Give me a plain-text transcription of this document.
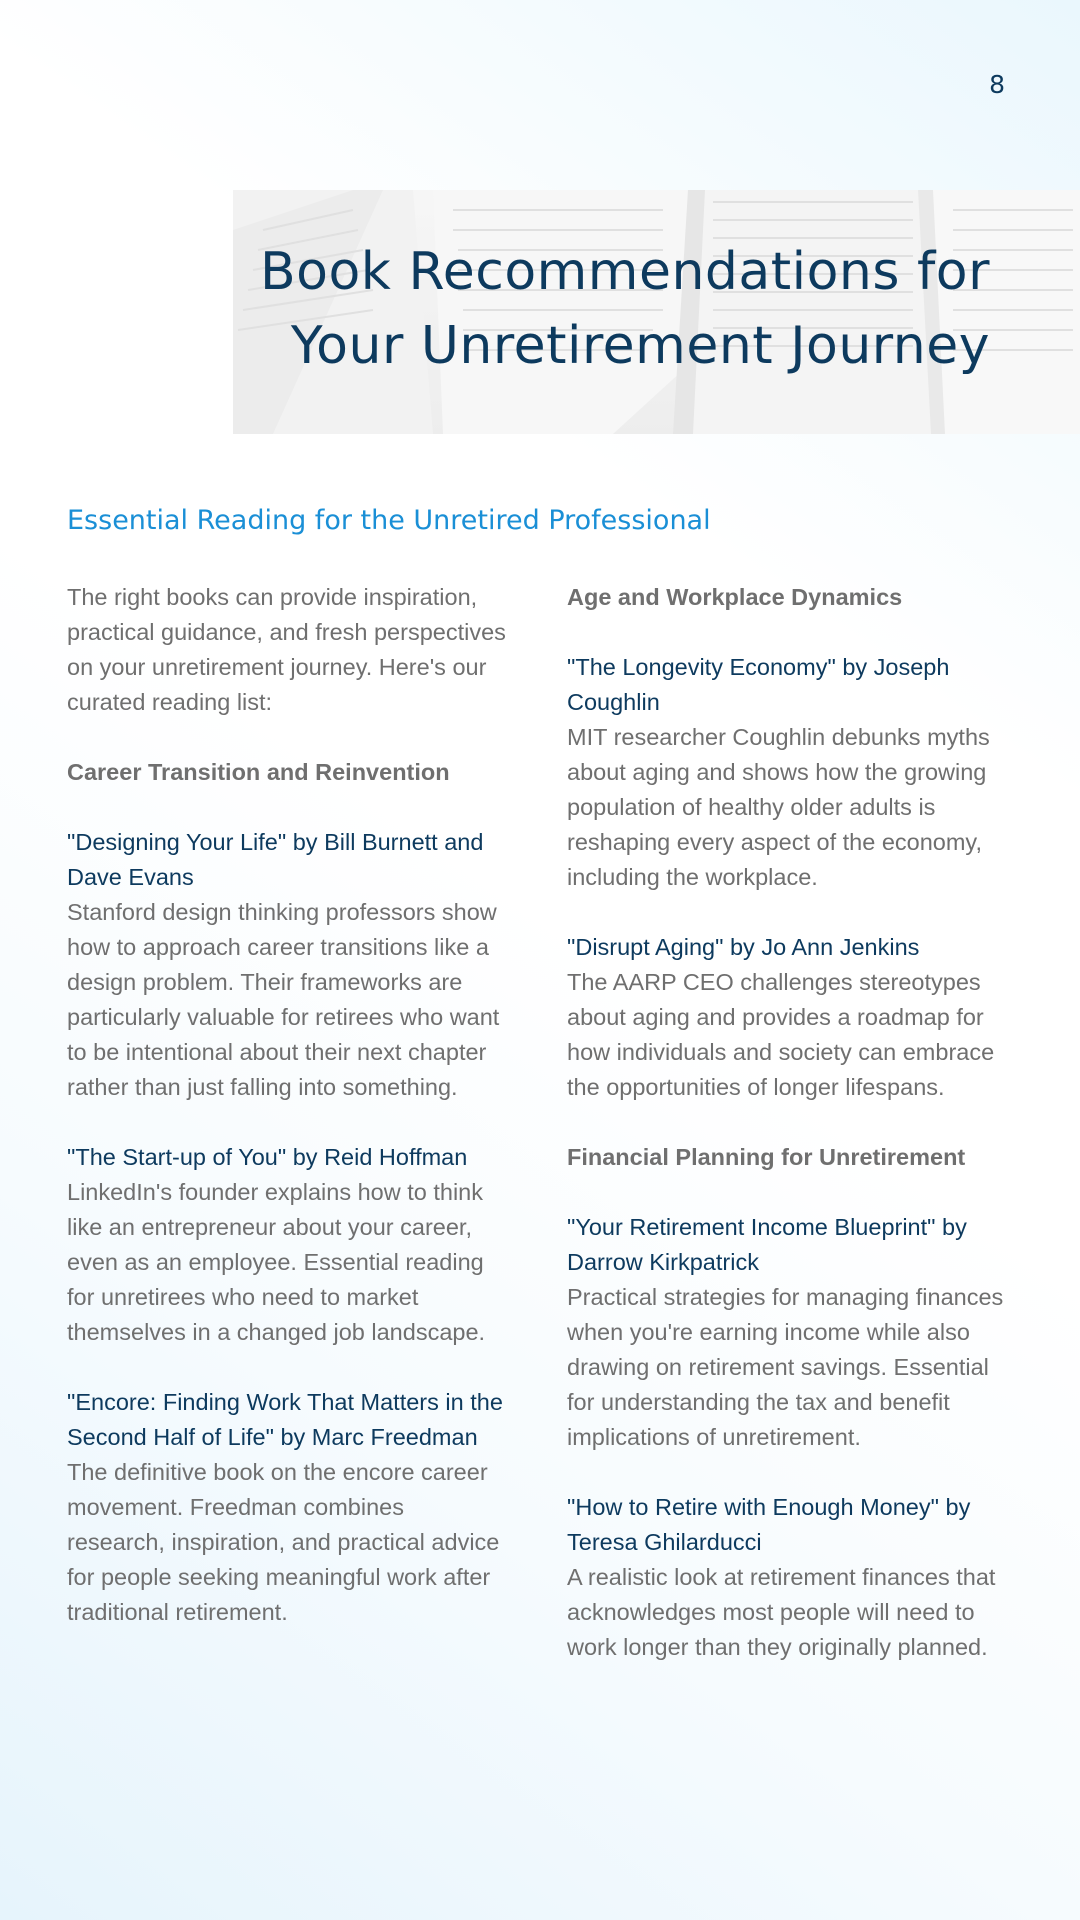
8
Book Recommendations for
Your Unretirement Journey
Essential Reading for the Unretired Professional

The right books can provide inspiration, practical guidance, and fresh perspectives on your unretirement journey. Here's our curated reading list:

Career Transition and Reinvention

"Designing Your Life" by Bill Burnett and Dave Evans
Stanford design thinking professors show how to approach career transitions like a design problem. Their frameworks are particularly valuable for retirees who want to be intentional about their next chapter rather than just falling into something.

"The Start-up of You" by Reid Hoffman
LinkedIn's founder explains how to think like an entrepreneur about your career, even as an employee. Essential reading for unretirees who need to market themselves in a changed job landscape.

"Encore: Finding Work That Matters in the Second Half of Life" by Marc Freedman
The definitive book on the encore career movement. Freedman combines research, inspiration, and practical advice for people seeking meaningful work after traditional retirement.

Age and Workplace Dynamics

"The Longevity Economy" by Joseph Coughlin
MIT researcher Coughlin debunks myths about aging and shows how the growing population of healthy older adults is reshaping every aspect of the economy, including the workplace.

"Disrupt Aging" by Jo Ann Jenkins
The AARP CEO challenges stereotypes about aging and provides a roadmap for how individuals and society can embrace the opportunities of longer lifespans.

Financial Planning for Unretirement

"Your Retirement Income Blueprint" by Darrow Kirkpatrick
Practical strategies for managing finances when you're earning income while also drawing on retirement savings. Essential for understanding the tax and benefit implications of unretirement.

"How to Retire with Enough Money" by Teresa Ghilarducci
A realistic look at retirement finances that acknowledges most people will need to work longer than they originally planned.
